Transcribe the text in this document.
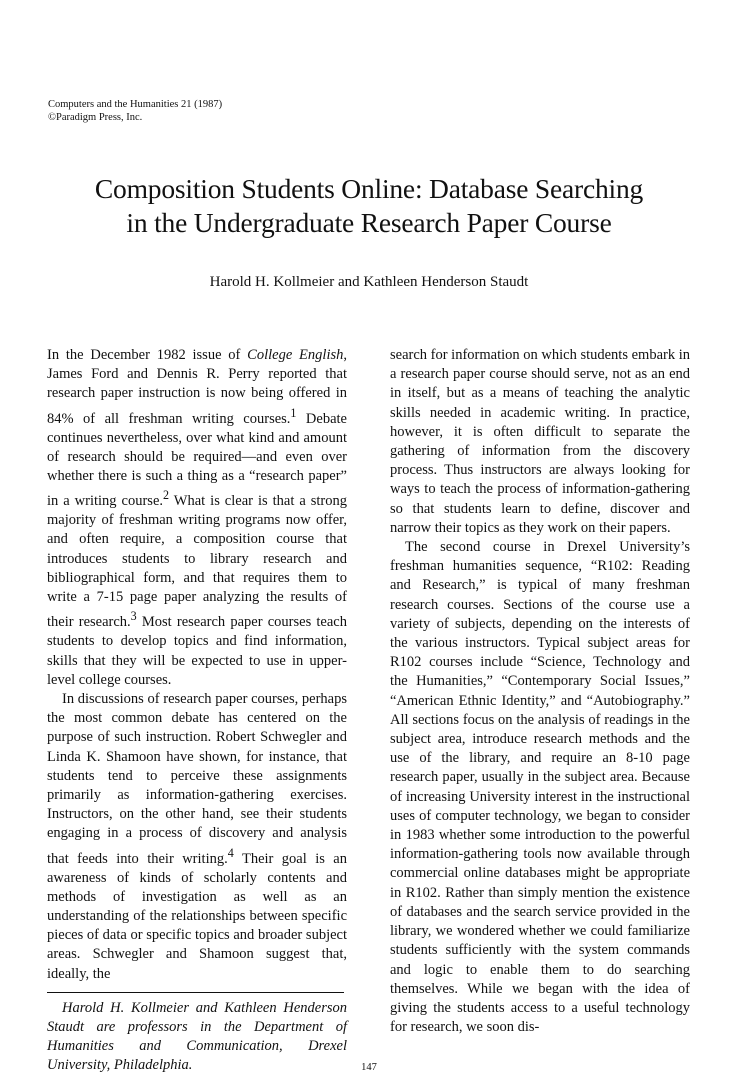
Computers and the Humanities 21 (1987)
©Paradigm Press, Inc.
Composition Students Online: Database Searching
in the Undergraduate Research Paper Course
Harold H. Kollmeier and Kathleen Henderson Staudt

In the December 1982 issue of College English, James Ford and Dennis R. Perry reported that research paper instruction is now being offered in 84% of all freshman writing courses.$^1$ Debate continues nevertheless, over what kind and amount of research should be required—and even over whether there is such a thing as a “research paper” in a writing course.$^2$ What is clear is that a strong majority of freshman writing programs now offer, and often require, a composition course that introduces students to library research and bibliographical form, and that requires them to write a 7-15 page paper analyzing the results of their research.$^3$ Most research paper courses teach students to develop topics and find information, skills that they will be expected to use in upper-level college courses.

In discussions of research paper courses, perhaps the most common debate has centered on the purpose of such instruction. Robert Schwegler and Linda K. Shamoon have shown, for instance, that students tend to perceive these assignments primarily as information-gathering exercises. Instructors, on the other hand, see their students engaging in a process of discovery and analysis that feeds into their writing.$^4$ Their goal is an awareness of kinds of scholarly contents and methods of investigation as well as an understanding of the relationships between specific pieces of data or specific topics and broader subject areas. Schwegler and Shamoon suggest that, ideally, the

Harold H. Kollmeier and Kathleen Henderson Staudt are professors in the Department of Humanities and Communication, Drexel University, Philadelphia.

search for information on which students embark in a research paper course should serve, not as an end in itself, but as a means of teaching the analytic skills needed in academic writing. In practice, however, it is often difficult to separate the gathering of information from the discovery process. Thus instructors are always looking for ways to teach the process of information-gathering so that students learn to define, discover and narrow their topics as they work on their papers.

The second course in Drexel University’s freshman humanities sequence, “R102: Reading and Research,” is typical of many freshman research courses. Sections of the course use a variety of subjects, depending on the interests of the various instructors. Typical subject areas for R102 courses include “Science, Technology and the Humanities,” “Contemporary Social Issues,” “American Ethnic Identity,” and “Autobiography.” All sections focus on the analysis of readings in the subject area, introduce research methods and the use of the library, and require an 8-10 page research paper, usually in the subject area. Because of increasing University interest in the instructional uses of computer technology, we began to consider in 1983 whether some introduction to the powerful information-gathering tools now available through commercial online databases might be appropriate in R102. Rather than simply mention the existence of databases and the search service provided in the library, we wondered whether we could familiarize students sufficiently with the system commands and logic to enable them to do searching themselves. While we began with the idea of giving the students access to a useful technology for research, we soon dis-

147
